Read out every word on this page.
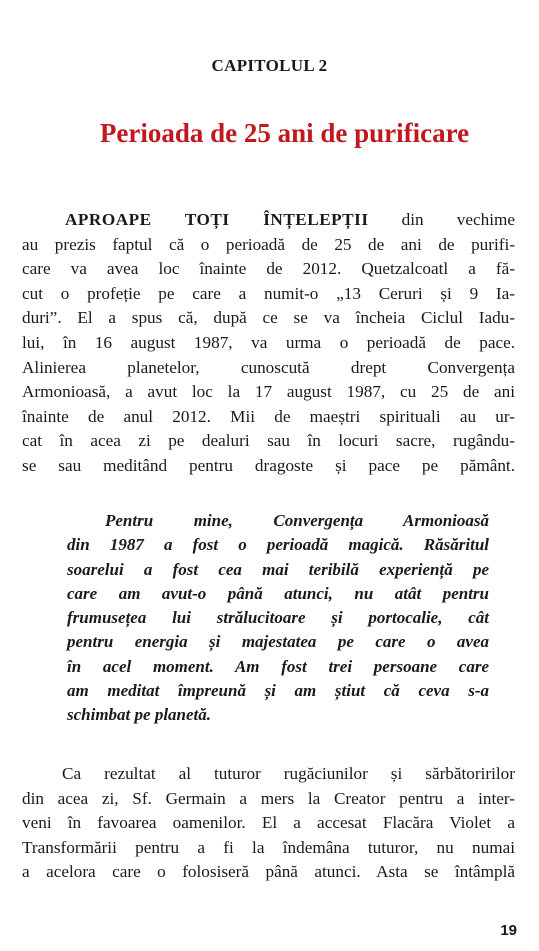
CAPITOLUL 2
Perioada de 25 ani de purificare
APROAPE TOȚI ÎNȚELEPȚII din vechime
au prezis faptul că o perioadă de 25 de ani de purifi-
care va avea loc înainte de 2012. Quetzalcoatl a fă-
cut o profeție pe care a numit-o „13 Ceruri și 9 Ia-
duri”. El a spus că, după ce se va încheia Ciclul Iadu-
lui, în 16 august 1987, va urma o perioadă de pace.
Alinierea planetelor, cunoscută drept Convergența
Armonioasă, a avut loc la 17 august 1987, cu 25 de ani
înainte de anul 2012. Mii de maeștri spirituali au ur-
cat în acea zi pe dealuri sau în locuri sacre, rugându-
se sau meditând pentru dragoste și pace pe pământ.
Pentru mine, Convergența Armonioasă
din 1987 a fost o perioadă magică. Răsăritul
soarelui a fost cea mai teribilă experiență pe
care am avut-o până atunci, nu atât pentru
frumusețea lui strălucitoare și portocalie, cât
pentru energia și majestatea pe care o avea
în acel moment. Am fost trei persoane care
am meditat împreună și am știut că ceva s-a
schimbat pe planetă.
Ca rezultat al tuturor rugăciunilor și sărbătoririlor
din acea zi, Sf. Germain a mers la Creator pentru a inter-
veni în favoarea oamenilor. El a accesat Flacăra Violet a
Transformării pentru a fi la îndemâna tuturor, nu numai
a acelora care o folosiseră până atunci. Asta se întâmplă
19
